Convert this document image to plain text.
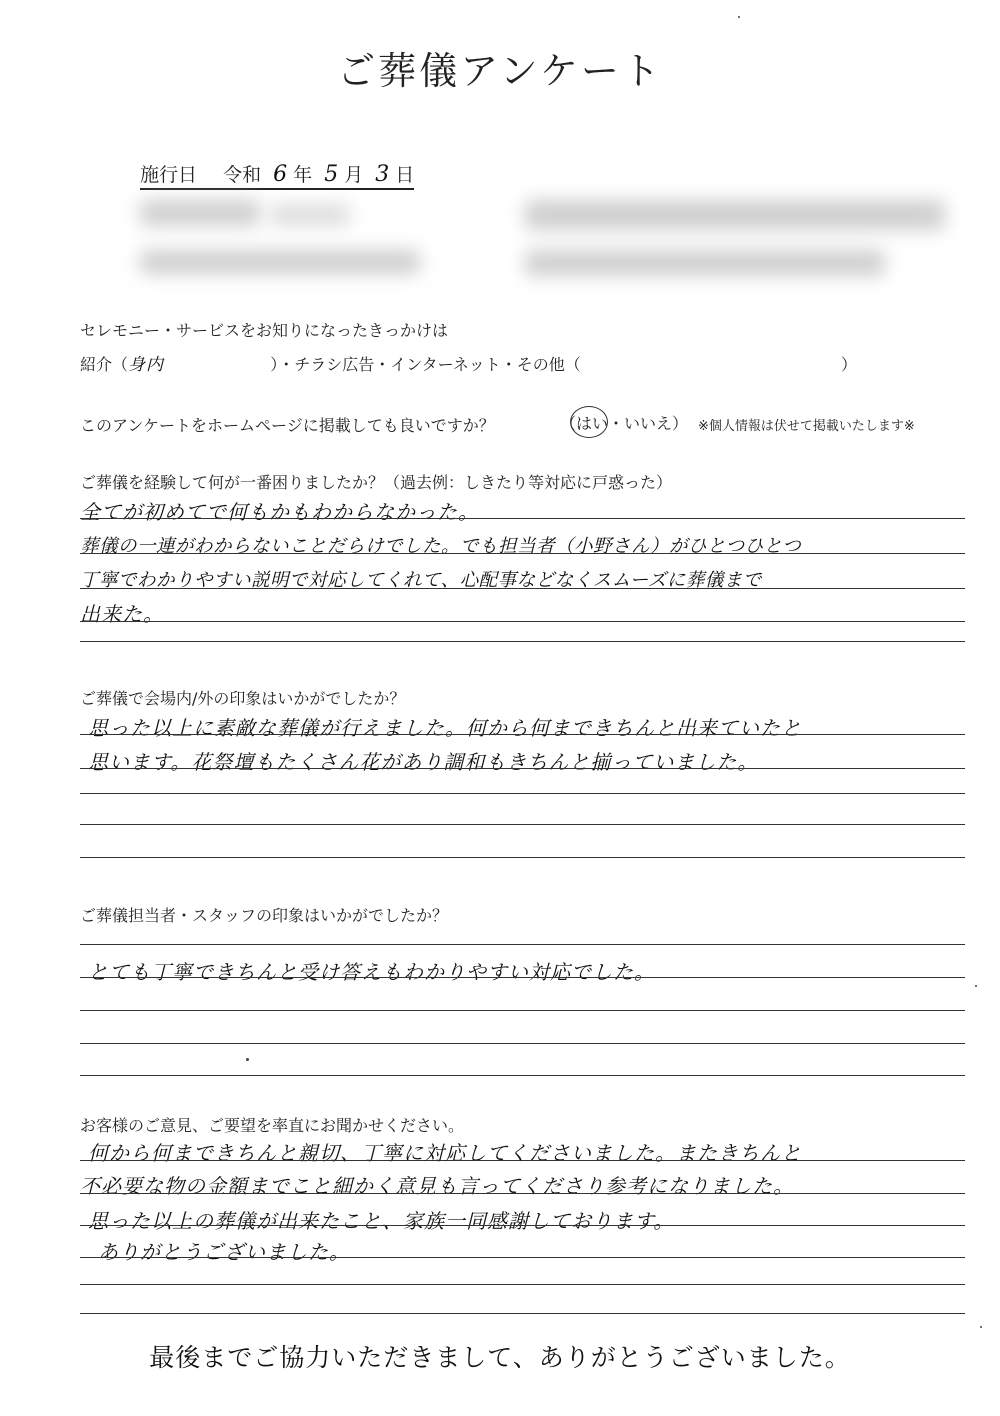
ご葬儀アンケート
施行日 令和 6 年 5 月 3 日
セレモニー・サービスをお知りになったきっかけは
紹介（身内	）・チラシ広告・インターネット・その他（	）
このアンケートをホームページに掲載しても良いですか？	（はい・いいえ） ※個人情報は伏せて掲載いたします※
ご葬儀を経験して何が一番困りましたか？（過去例：しきたり等対応に戸惑った）
全てが初めてで何もかもわからなかった。
葬儀の一連がわからないことだらけでした。でも担当者（小野さん）がひとつひとつ
丁寧でわかりやすい説明で対応してくれて、心配事などなくスムーズに葬儀まで
出来た。
ご葬儀で会場内/外の印象はいかがでしたか？
思った以上に素敵な葬儀が行えました。何から何まできちんと出来ていたと
思います。花祭壇もたくさん花があり調和もきちんと揃っていました。
ご葬儀担当者・スタッフの印象はいかがでしたか？
とても丁寧できちんと受け答えもわかりやすい対応でした。
お客様のご意見、ご要望を率直にお聞かせください。
何から何まできちんと親切、丁寧に対応してくださいました。またきちんと
不必要な物の金額までこと細かく意見も言ってくださり参考になりました。
思った以上の葬儀が出来たこと、家族一同感謝しております。
ありがとうございました。
最後までご協力いただきまして、ありがとうございました。
